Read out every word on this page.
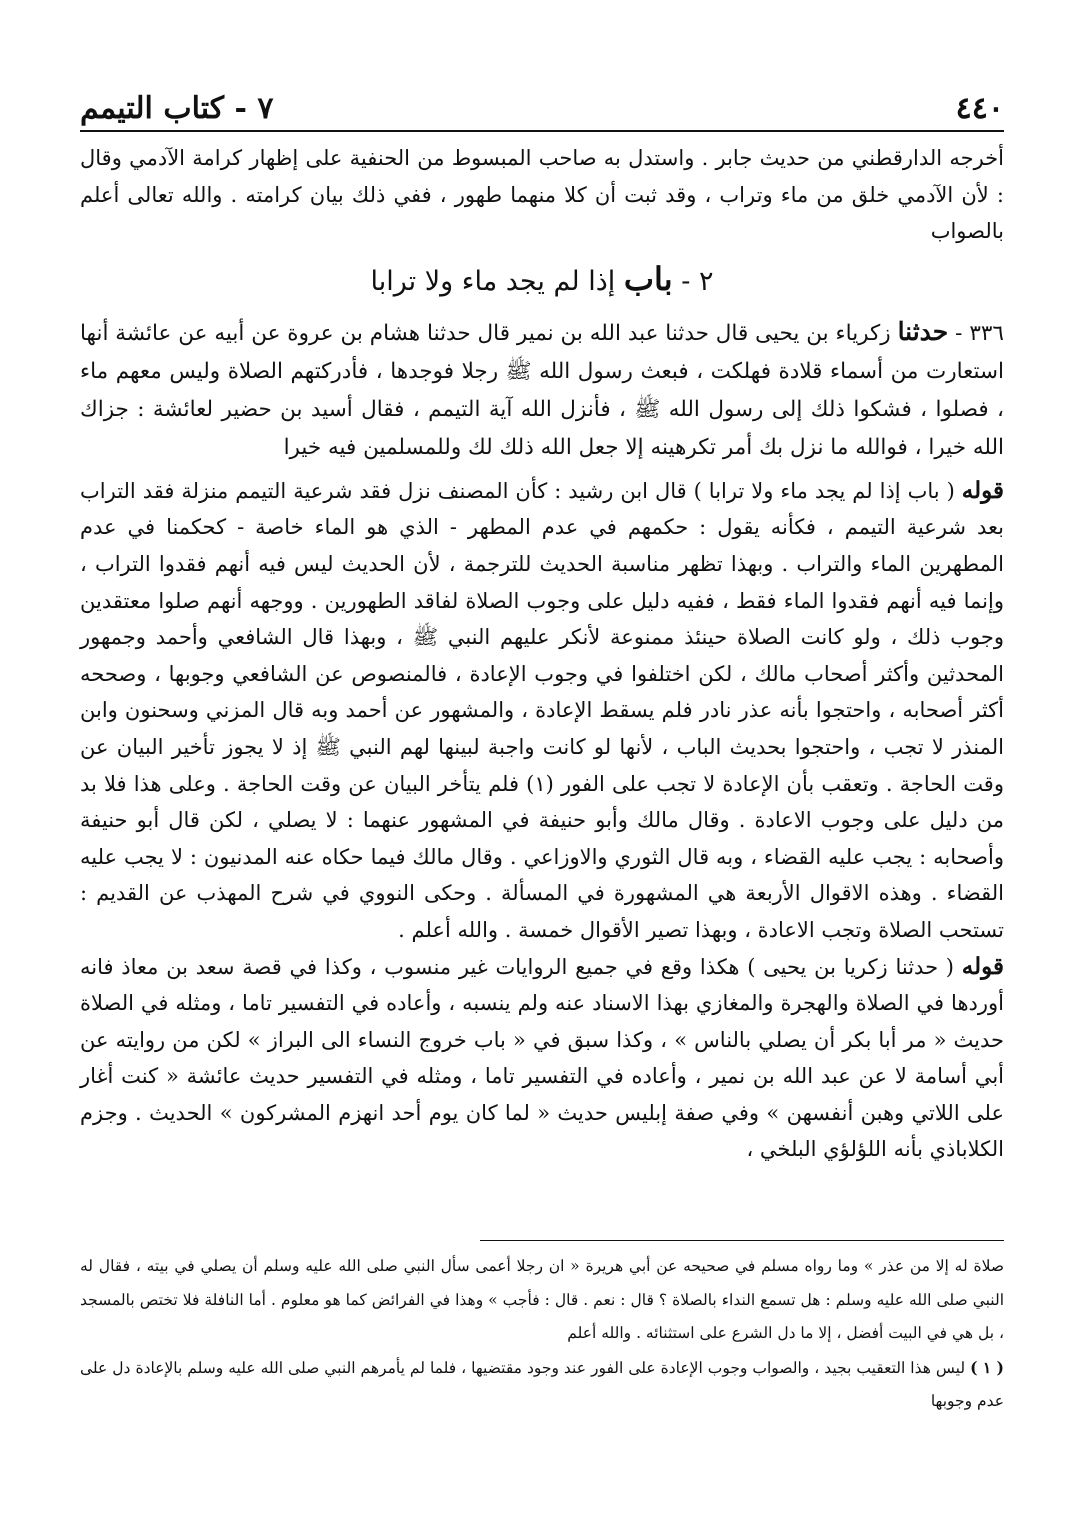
٤٤٠
٧ - كتاب التيمم

أخرجه الدارقطني من حديث جابر . واستدل به صاحب المبسوط من الحنفية على إظهار كرامة الآدمي وقال : لأن الآدمي خلق من ماء وتراب ، وقد ثبت أن كلا منهما طهور ، ففي ذلك بيان كرامته . والله تعالى أعلم بالصواب

٢ - باب إذا لم يجد ماء ولا ترابا

٣٣٦ - حدثنا زكرياء بن يحيى قال حدثنا عبد الله بن نمير قال حدثنا هشام بن عروة عن أبيه عن عائشة أنها استعارت من أسماء قلادة فهلكت ، فبعث رسول الله ﷺ رجلا فوجدها ، فأدركتهم الصلاة وليس معهم ماء ، فصلوا ، فشكوا ذلك إلى رسول الله ﷺ ، فأنزل الله آية التيمم ، فقال أسيد بن حضير لعائشة : جزاك الله خيرا ، فوالله ما نزل بك أمر تكرهينه إلا جعل الله ذلك لك وللمسلمين فيه خيرا

قوله ( باب إذا لم يجد ماء ولا ترابا ) قال ابن رشيد : كأن المصنف نزل فقد شرعية التيمم منزلة فقد التراب بعد شرعية التيمم ، فكأنه يقول : حكمهم في عدم المطهر - الذي هو الماء خاصة - كحكمنا في عدم المطهرين الماء والتراب . وبهذا تظهر مناسبة الحديث للترجمة ، لأن الحديث ليس فيه أنهم فقدوا التراب ، وإنما فيه أنهم فقدوا الماء فقط ، ففيه دليل على وجوب الصلاة لفاقد الطهورين . ووجهه أنهم صلوا معتقدين وجوب ذلك ، ولو كانت الصلاة حينئذ ممنوعة لأنكر عليهم النبي ﷺ ، وبهذا قال الشافعي وأحمد وجمهور المحدثين وأكثر أصحاب مالك ، لكن اختلفوا في وجوب الإعادة ، فالمنصوص عن الشافعي وجوبها ، وصححه أكثر أصحابه ، واحتجوا بأنه عذر نادر فلم يسقط الإعادة ، والمشهور عن أحمد وبه قال المزني وسحنون وابن المنذر لا تجب ، واحتجوا بحديث الباب ، لأنها لو كانت واجبة لبينها لهم النبي ﷺ إذ لا يجوز تأخير البيان عن وقت الحاجة . وتعقب بأن الإعادة لا تجب على الفور (١) فلم يتأخر البيان عن وقت الحاجة . وعلى هذا فلا بد من دليل على وجوب الاعادة . وقال مالك وأبو حنيفة في المشهور عنهما : لا يصلي ، لكن قال أبو حنيفة وأصحابه : يجب عليه القضاء ، وبه قال الثوري والاوزاعي . وقال مالك فيما حكاه عنه المدنيون : لا يجب عليه القضاء . وهذه الاقوال الأربعة هي المشهورة في المسألة . وحكى النووي في شرح المهذب عن القديم : تستحب الصلاة وتجب الاعادة ، وبهذا تصير الأقوال خمسة . والله أعلم .

قوله ( حدثنا زكريا بن يحيى ) هكذا وقع في جميع الروايات غير منسوب ، وكذا في قصة سعد بن معاذ فانه أوردها في الصلاة والهجرة والمغازي بهذا الاسناد عنه ولم ينسبه ، وأعاده في التفسير تاما ، ومثله في الصلاة حديث « مر أبا بكر أن يصلي بالناس » ، وكذا سبق في « باب خروج النساء الى البراز » لكن من روايته عن أبي أسامة لا عن عبد الله بن نمير ، وأعاده في التفسير تاما ، ومثله في التفسير حديث عائشة « كنت أغار على اللاتي وهبن أنفسهن » وفي صفة إبليس حديث « لما كان يوم أحد انهزم المشركون » الحديث . وجزم الكلاباذي بأنه اللؤلؤي البلخي ،

صلاة له إلا من عذر » وما رواه مسلم في صحيحه عن أبي هريرة « ان رجلا أعمى سأل النبي صلى الله عليه وسلم أن يصلي في بيته ، فقال له النبي صلى الله عليه وسلم : هل تسمع النداء بالصلاة ؟ قال : نعم . قال : فأجب » وهذا في الفرائض كما هو معلوم . أما النافلة فلا تختص بالمسجد ، بل هي في البيت أفضل ، إلا ما دل الشرع على استثنائه . والله أعلم
( ١ ) ليس هذا التعقيب بجيد ، والصواب وجوب الإعادة على الفور عند وجود مقتضيها ، فلما لم يأمرهم النبي صلى الله عليه وسلم بالإعادة دل على عدم وجوبها
